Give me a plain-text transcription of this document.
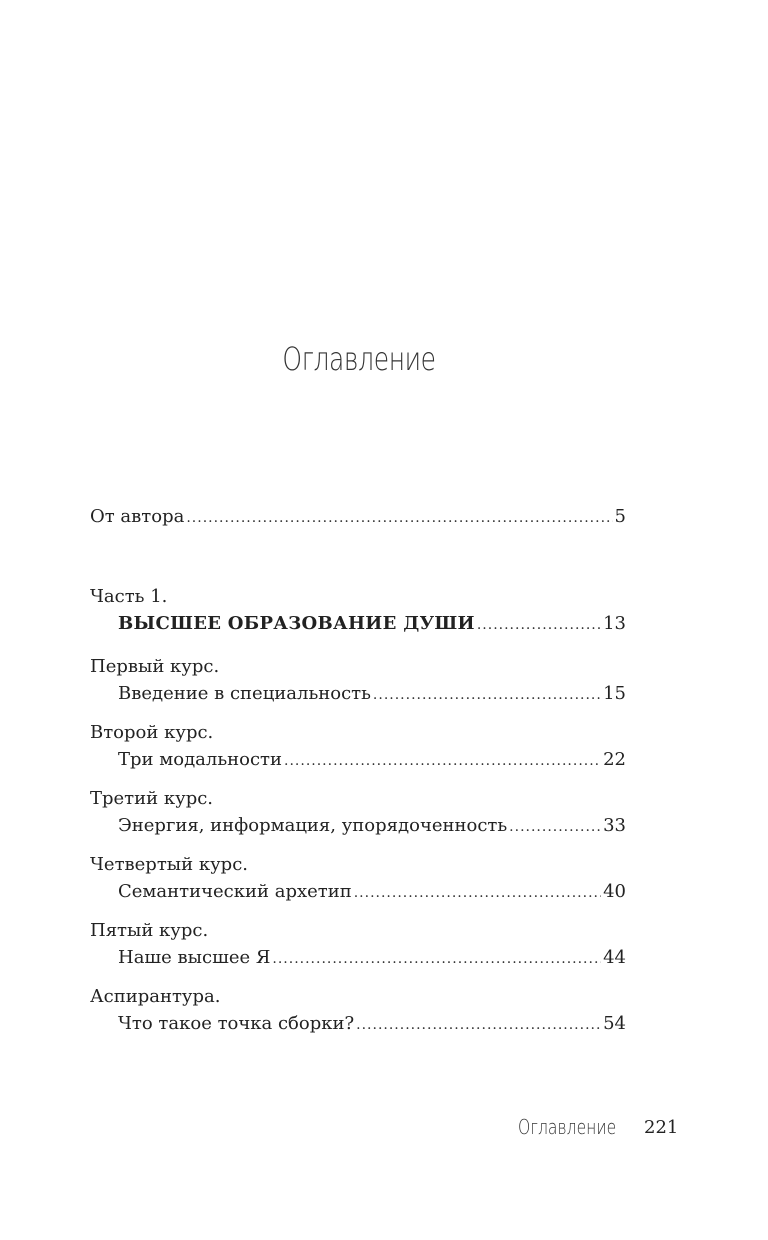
Оглавление
От автора .....	5
Часть 1.
ВЫСШЕЕ ОБРАЗОВАНИЕ ДУШИ .....	13
Первый курс.
Введение в специальность .....	15
Второй курс.
Три модальности .....	22
Третий курс.
Энергия, информация, упорядоченность .....	33
Четвертый курс.
Семантический архетип .....	40
Пятый курс.
Наше высшее Я .....	44
Аспирантура.
Что такое точка сборки? .....	54
Оглавление 221
